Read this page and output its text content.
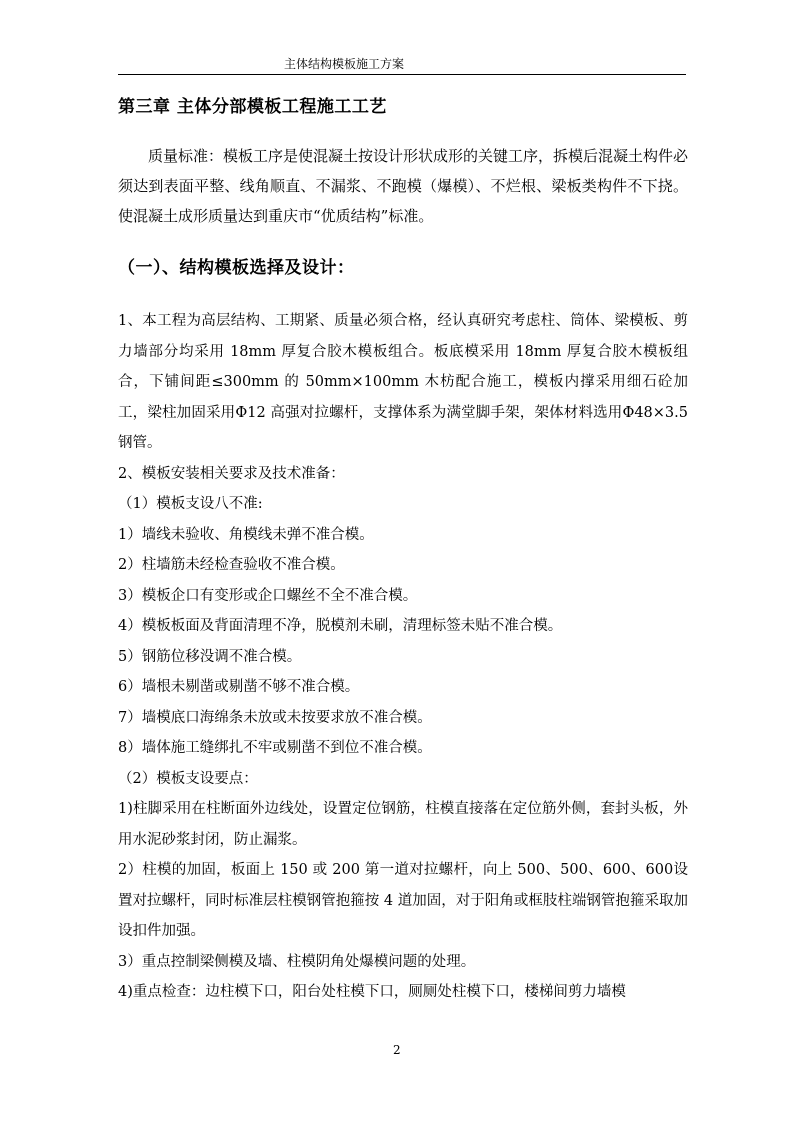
主体结构模板施工方案
第三章 主体分部模板工程施工工艺

质量标准：模板工序是使混凝土按设计形状成形的关键工序，拆模后混凝土构件必须达到表面平整、线角顺直、不漏浆、不跑模（爆模）、不烂根、梁板类构件不下挠。使混凝土成形质量达到重庆市“优质结构”标准。

（一）、结构模板选择及设计：

1、本工程为高层结构、工期紧、质量必须合格，经认真研究考虑柱、筒体、梁模板、剪力墙部分均采用 18mm 厚复合胶木模板组合。板底模采用 18mm 厚复合胶木模板组合，下铺间距≤300mm 的 50mm×100mm 木枋配合施工，模板内撑采用细石砼加工，梁柱加固采用Φ12 高强对拉螺杆，支撑体系为满堂脚手架，架体材料选用Φ48×3.5 钢管。

2、模板安装相关要求及技术准备：

（1）模板支设八不准:

1）墙线未验收、角模线未弹不准合模。

2）柱墙筋未经检查验收不准合模。

3）模板企口有变形或企口螺丝不全不准合模。

4）模板板面及背面清理不净，脱模剂未刷，清理标签未贴不准合模。

5）钢筋位移没调不准合模。

6）墙根未剔凿或剔凿不够不准合模。

7）墙模底口海绵条未放或未按要求放不准合模。

8）墙体施工缝绑扎不牢或剔凿不到位不准合模。

（2）模板支设要点：

1)柱脚采用在柱断面外边线处，设置定位钢筋，柱模直接落在定位筋外侧，套封头板，外用水泥砂浆封闭，防止漏浆。

2）柱模的加固，板面上 150 或 200 第一道对拉螺杆，向上 500、500、600、600设置对拉螺杆，同时标准层柱模钢管抱箍按 4 道加固，对于阳角或框肢柱端钢管抱箍采取加设扣件加强。

3）重点控制梁侧模及墙、柱模阴角处爆模问题的处理。

4)重点检查：边柱模下口，阳台处柱模下口，厕厕处柱模下口，楼梯间剪力墙模

2
